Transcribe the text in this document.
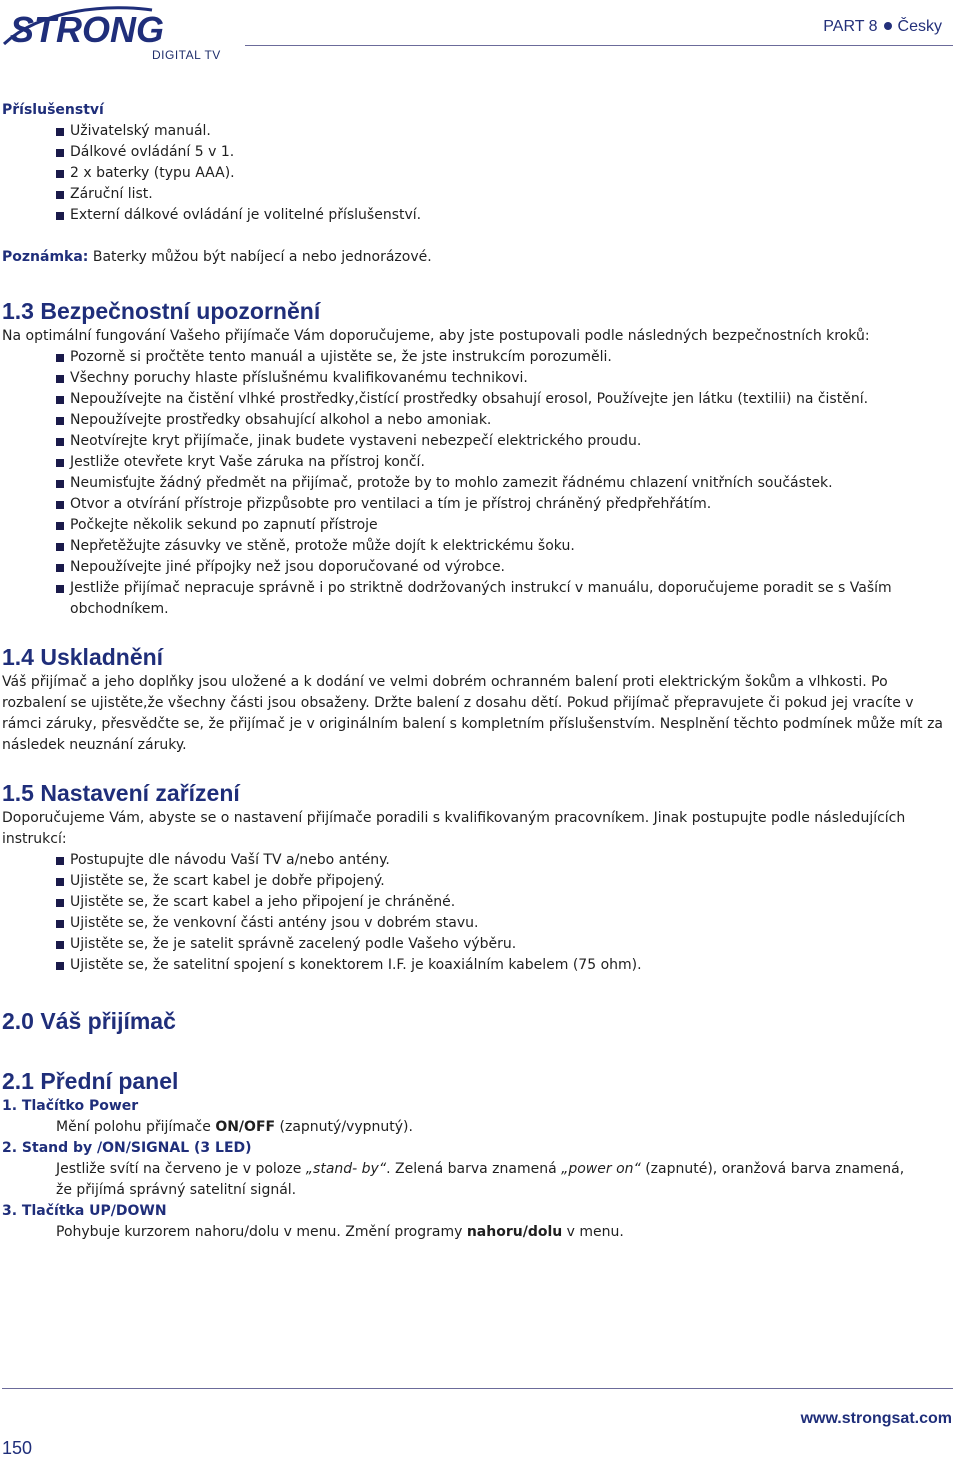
STRONG
DIGITAL TV
PART 8 Česky

Příslušenství

Uživatelský manuál.
Dálkové ovládání 5 v 1.
2 x baterky (typu AAA).
Záruční list.
Externí dálkové ovládání je volitelné příslušenství.

Poznámka: Baterky můžou být nabíjecí a nebo jednorázové.

1.3 Bezpečnostní upozornění

Na optimální fungování Vašeho přijímače Vám doporučujeme, aby jste postupovali podle následných bezpečnostních kroků:

Pozorně si pročtěte tento manuál a ujistěte se, že jste instrukcím porozuměli.
Všechny poruchy hlaste příslušnému kvalifikovanému technikovi.
Nepoužívejte na čistění vlhké prostředky,čistící prostředky obsahují erosol, Používejte jen látku (textilii) na čistění.
Nepoužívejte prostředky obsahující alkohol a nebo amoniak.
Neotvírejte kryt přijímače, jinak budete vystaveni nebezpečí elektrického proudu.
Jestliže otevřete kryt Vaše záruka na přístroj končí.
Neumisťujte žádný předmět na přijímač, protože by to mohlo zamezit řádnému chlazení vnitřních součástek.
Otvor a otvírání přístroje přizpůsobte pro ventilaci a tím je přístroj chráněný předpřehřátím.
Počkejte několik sekund po zapnutí přístroje
Nepřetěžujte zásuvky ve stěně, protože může dojít k elektrickému šoku.
Nepoužívejte jiné přípojky než jsou doporučované od výrobce.
Jestliže přijímač nepracuje správně i po striktně dodržovaných instrukcí v manuálu, doporučujeme poradit se s Vaším obchodníkem.

1.4 Uskladnění

Váš přijímač a jeho doplňky jsou uložené a k dodání ve velmi dobrém ochranném balení proti elektrickým šokům a vlhkosti. Po rozbalení se ujistěte,že všechny části jsou obsaženy. Držte balení z dosahu dětí. Pokud přijímač přepravujete či pokud jej vracíte v rámci záruky, přesvědčte se, že přijímač je v originálním balení s kompletním příslušenstvím. Nesplnění těchto podmínek může mít za následek neuznání záruky.

1.5 Nastavení zařízení

Doporučujeme Vám, abyste se o nastavení přijímače poradili s kvalifikovaným pracovníkem. Jinak postupujte podle následujících instrukcí:

Postupujte dle návodu Vaší TV a/nebo antény.
Ujistěte se, že scart kabel je dobře připojený.
Ujistěte se, že scart kabel a jeho připojení je chráněné.
Ujistěte se, že venkovní části antény jsou v dobrém stavu.
Ujistěte se, že je satelit správně zacelený podle Vašeho výběru.
Ujistěte se, že satelitní spojení s konektorem I.F. je koaxiálním kabelem (75 ohm).

2.0 Váš přijímač

2.1 Přední panel

1. Tlačítko Power

Mění polohu přijímače ON/OFF (zapnutý/vypnutý).

2. Stand by /ON/SIGNAL (3 LED)

Jestliže svítí na červeno je v poloze „stand- by“. Zelená barva znamená „power on“ (zapnuté), oranžová barva znamená, že přijímá správný satelitní signál.

3. Tlačítka UP/DOWN

Pohybuje kurzorem nahoru/dolu v menu. Změní programy nahoru/dolu v menu.

www.strongsat.com
150
